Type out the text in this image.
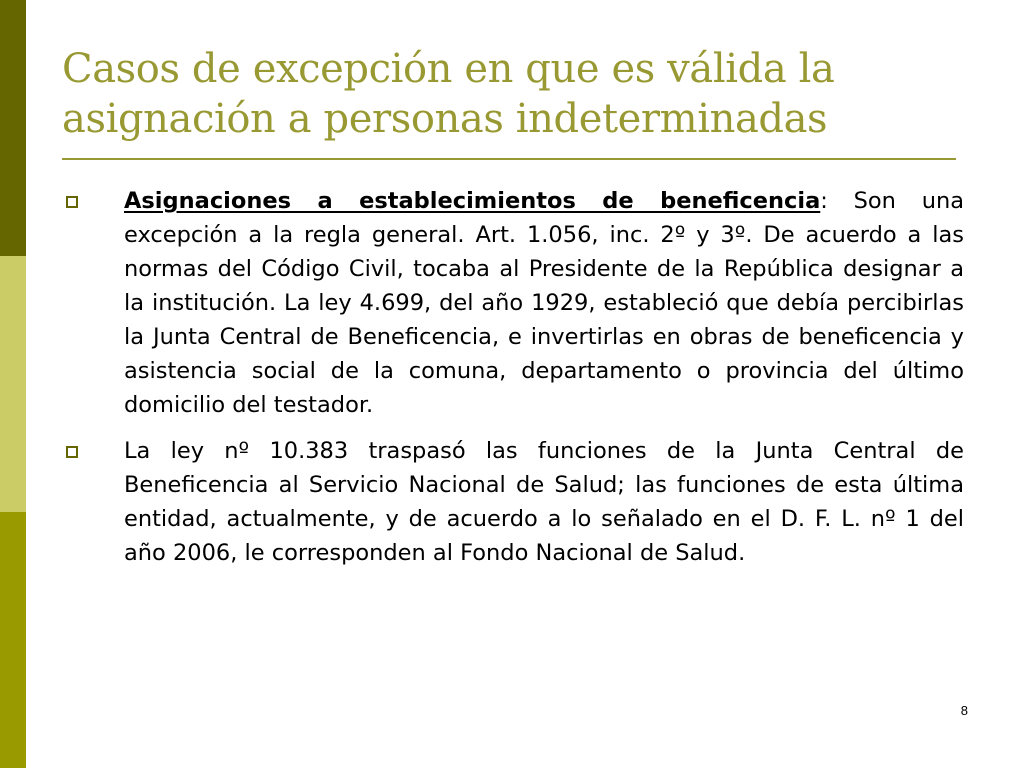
Casos de excepción en que es válida la
asignación a personas indeterminadas
Asignaciones a establecimientos de beneficencia: Son una excepción a la regla general. Art. 1.056, inc. 2º y 3º. De acuerdo a las normas del Código Civil, tocaba al Presidente de la República designar a la institución. La ley 4.699, del año 1929, estableció que debía percibirlas la Junta Central de Beneficencia, e invertirlas en obras de beneficencia y asistencia social de la comuna, departamento o provincia del último domicilio del testador.
La ley nº 10.383 traspasó las funciones de la Junta Central de Beneficencia al Servicio Nacional de Salud; las funciones de esta última entidad, actualmente, y de acuerdo a lo señalado en el D. F. L. nº 1 del año 2006, le corresponden al Fondo Nacional de Salud.
8
